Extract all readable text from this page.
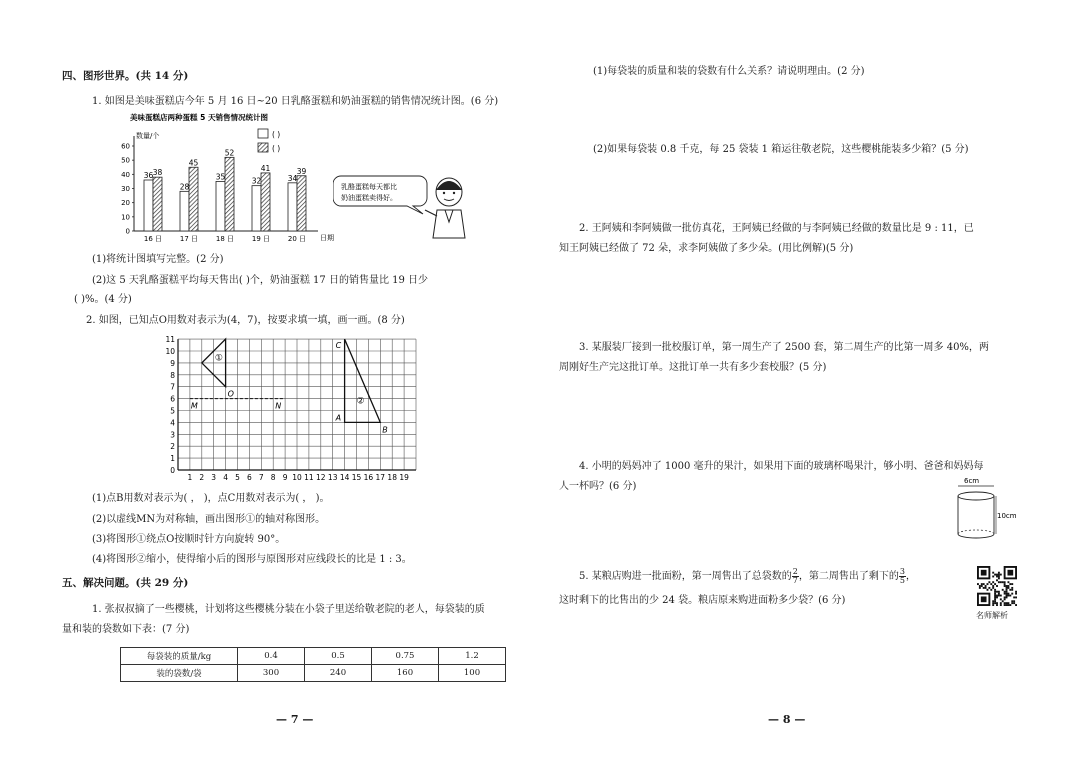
四、图形世界。(共 14 分)
1. 如图是美味蛋糕店今年 5 月 16 日~20 日乳酪蛋糕和奶油蛋糕的销售情况统计图。(6 分)
美味蛋糕店两种蛋糕 5 天销售情况统计图
数量/个
日期
( )
( )
0
10
20
30
40
50
60
36 38
16 日
28
45
17 日
35
52
18 日
32
41
19 日
34
39
20 日
乳酪蛋糕每天都比
奶油蛋糕卖得好。
(1)将统计图填写完整。(2 分)
(2)这 5 天乳酪蛋糕平均每天售出( )个，奶油蛋糕 17 日的销售量比 19 日少
( )%。(4 分)
2. 如图，已知点O用数对表示为(4，7)，按要求填一填，画一画。(8 分)
0
1
2
3
4
5
6
7
8
9
10
11
1 2 3 4 5 6 7 8 9 10 11 12 13 14 15 16 17 18 19
O
M	N
A
B
C
①
②
(1)点B用数对表示为( ， )，点C用数对表示为( ， )。
(2)以虚线MN为对称轴，画出图形①的轴对称图形。
(3)将图形①绕点O按顺时针方向旋转 90°。
(4)将图形②缩小，使得缩小后的图形与原图形对应线段长的比是 1 : 3。
五、解决问题。(共 29 分)
1. 张叔叔摘了一些樱桃，计划将这些樱桃分装在小袋子里送给敬老院的老人，每袋装的质
量和装的袋数如下表：(7 分)
每袋装的质量/kg	0.4	0.5	0.75	1.2
装的袋数/袋	300	240	160	100
— 7 —
(1)每袋装的质量和装的袋数有什么关系？请说明理由。(2 分)
(2)如果每袋装 0.8 千克，每 25 袋装 1 箱运往敬老院，这些樱桃能装多少箱？(5 分)
2. 王阿姨和李阿姨做一批仿真花，王阿姨已经做的与李阿姨已经做的数量比是 9 : 11，已
知王阿姨已经做了 72 朵，求李阿姨做了多少朵。(用比例解)(5 分)
3. 某服装厂接到一批校服订单，第一周生产了 2500 套，第二周生产的比第一周多 40%，两
周刚好生产完这批订单。这批订单一共有多少套校服？(5 分)
4. 小明的妈妈冲了 1000 毫升的果汁，如果用下面的玻璃杯喝果汁，够小明、爸爸和妈妈每
人一杯吗？(6 分)	6cm
10cm
5. 某粮店购进一批面粉，第一周售出了总袋数的 $\frac{2}{7}$ ，第二周售出了剩下的 $\frac{3}{5}$ ，
这时剩下的比售出的少 24 袋。粮店原来购进面粉多少袋？(6 分)
名师解析
— 8 —
